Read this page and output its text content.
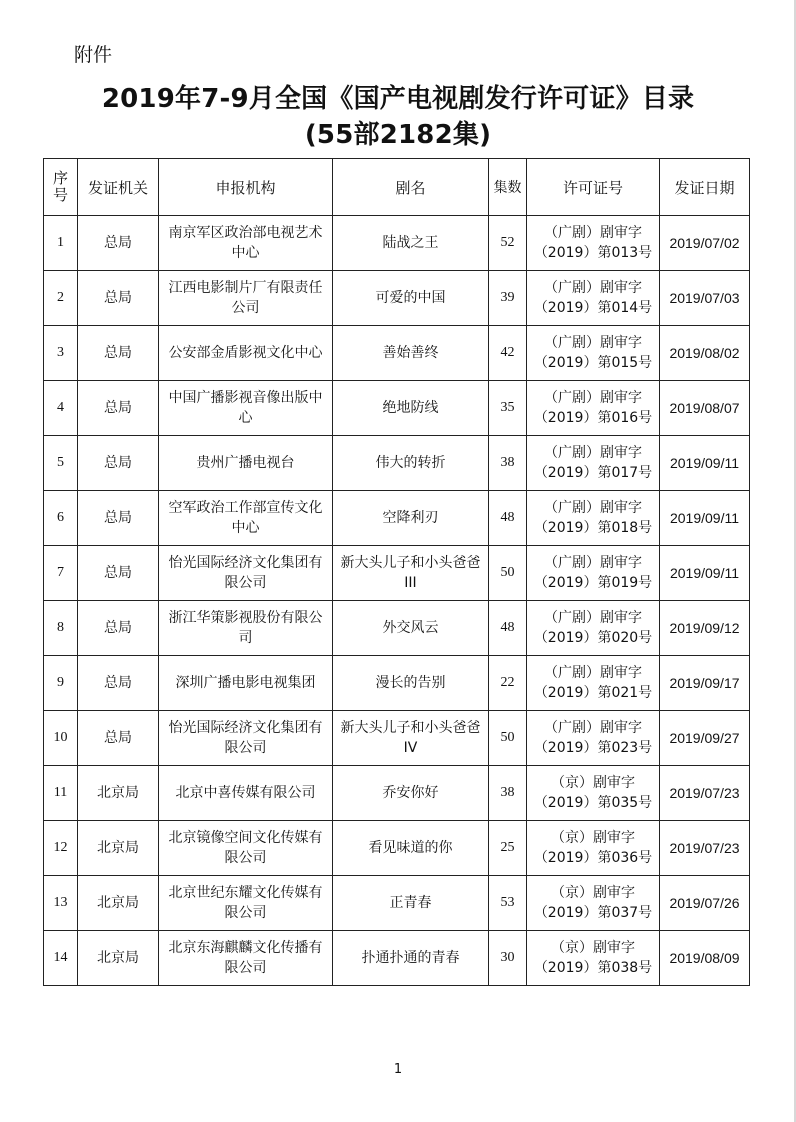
附件
2019年7-9月全国《国产电视剧发行许可证》目录
(55部2182集)
序号	发证机关	申报机构	剧名	集数	许可证号	发证日期
1	总局	南京军区政治部电视艺术中心	陆战之王	52	（广剧）剧审字
（2019）第013号	2019/07/02
2	总局	江西电影制片厂有限责任公司	可爱的中国	39	（广剧）剧审字
（2019）第014号	2019/07/03
3	总局	公安部金盾影视文化中心	善始善终	42	（广剧）剧审字
（2019）第015号	2019/08/02
4	总局	中国广播影视音像出版中心	绝地防线	35	（广剧）剧审字
（2019）第016号	2019/08/07
5	总局	贵州广播电视台	伟大的转折	38	（广剧）剧审字
（2019）第017号	2019/09/11
6	总局	空军政治工作部宣传文化中心	空降利刃	48	（广剧）剧审字
（2019）第018号	2019/09/11
7	总局	怡光国际经济文化集团有限公司	新大头儿子和小头爸爸III	50	（广剧）剧审字
（2019）第019号	2019/09/11
8	总局	浙江华策影视股份有限公司	外交风云	48	（广剧）剧审字
（2019）第020号	2019/09/12
9	总局	深圳广播电影电视集团	漫长的告别	22	（广剧）剧审字
（2019）第021号	2019/09/17
10	总局	怡光国际经济文化集团有限公司	新大头儿子和小头爸爸IV	50	（广剧）剧审字
（2019）第023号	2019/09/27
11	北京局	北京中喜传媒有限公司	乔安你好	38	（京）剧审字
（2019）第035号	2019/07/23
12	北京局	北京镜像空间文化传媒有限公司	看见味道的你	25	（京）剧审字
（2019）第036号	2019/07/23
13	北京局	北京世纪东耀文化传媒有限公司	正青春	53	（京）剧审字
（2019）第037号	2019/07/26
14	北京局	北京东海麒麟文化传播有限公司	扑通扑通的青春	30	（京）剧审字
（2019）第038号	2019/08/09
1
